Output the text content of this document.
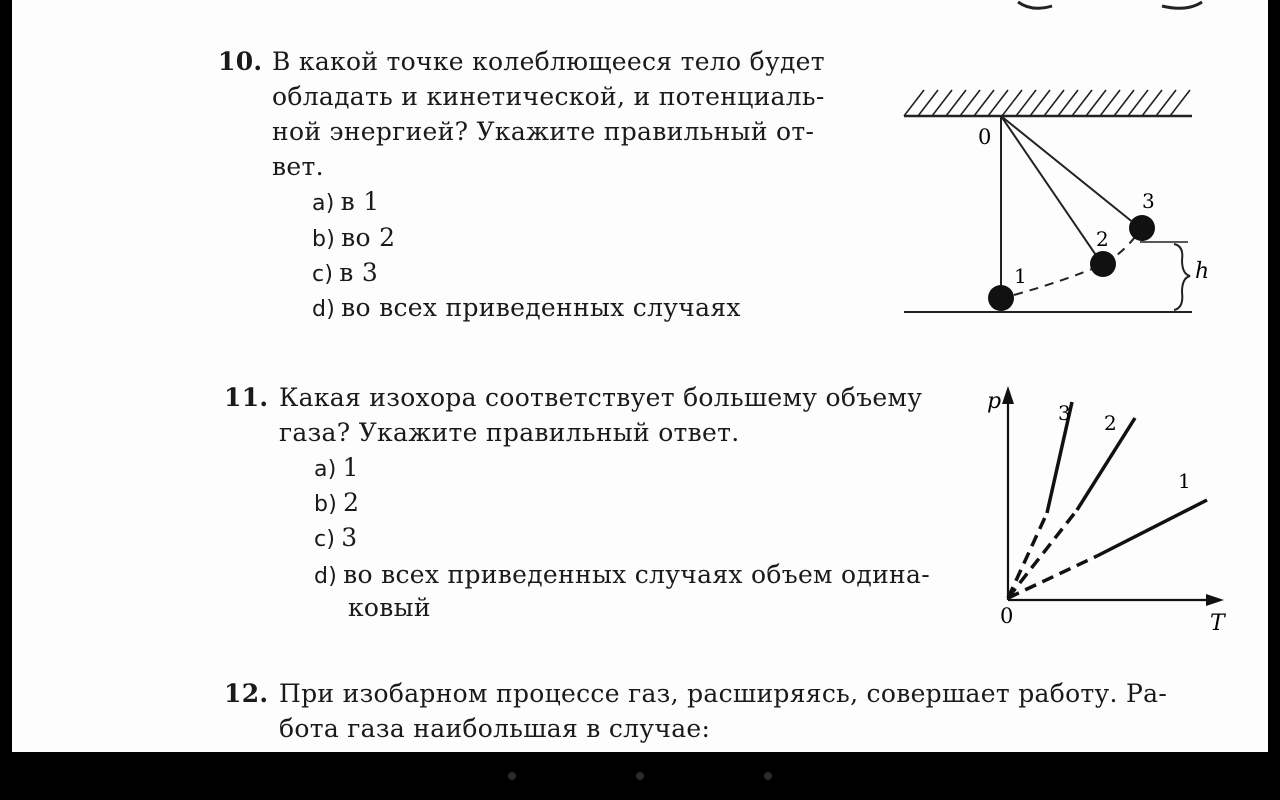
10. В какой точке колеблющееся тело будет
обладать и кинетической, и потенциаль-
ной энергией? Укажите правильный от-
вет.
a) в 1
b) во 2
c) в 3
d) во всех приведенных случаях
0
1
2
3
h
11. Какая изохора соответствует большему объему
газа? Укажите правильный ответ.
a) 1
b) 2
c) 3
d) во всех приведенных случаях объем одина-
ковый
p
T
0
3 2
1
12. При изобарном процессе газ, расширяясь, совершает работу. Ра-
бота газа наибольшая в случае:
